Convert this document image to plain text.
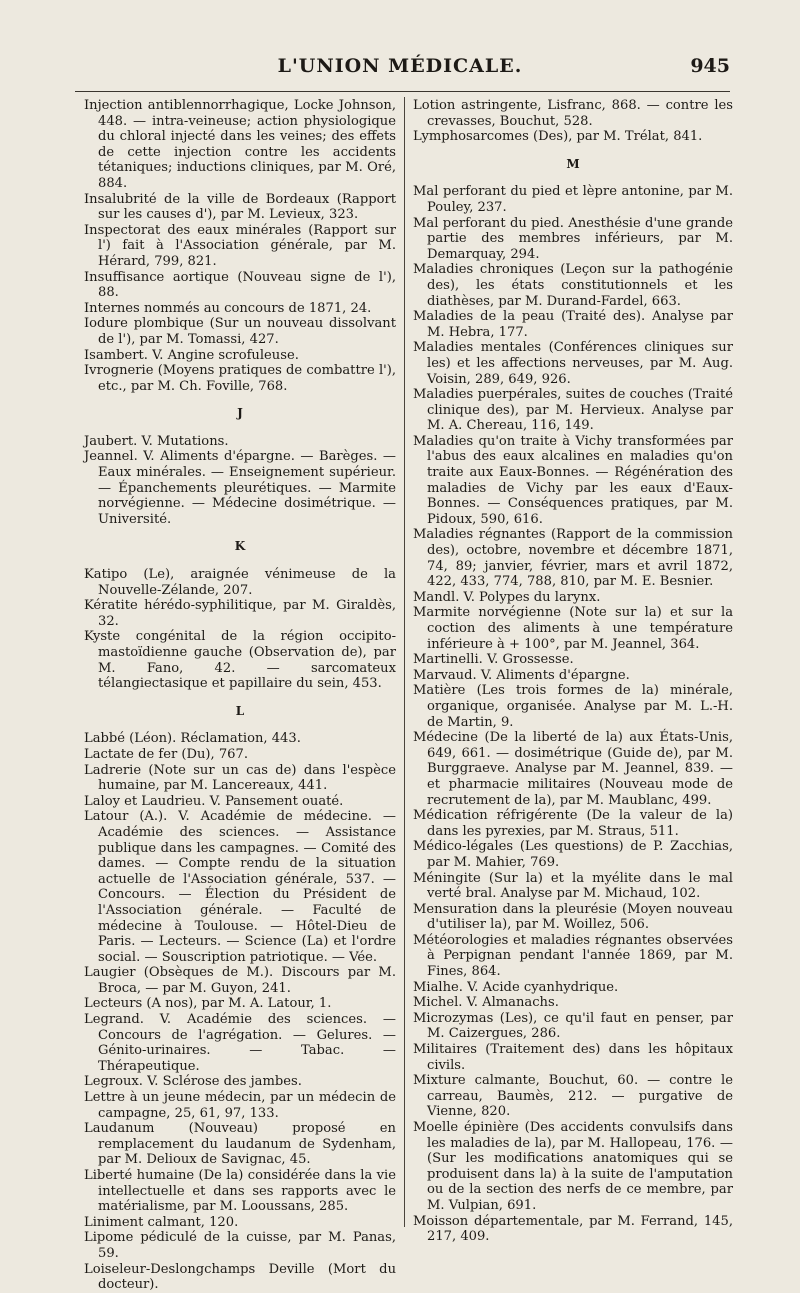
L'UNION MÉDICALE.	945
Injection antiblennorrhagique, Locke Johnson, 448. — intra-veineuse; action physiologique du chloral injecté dans les veines; des effets de cette injection contre les accidents tétaniques; inductions cliniques, par M. Oré, 884.
Insalubrité de la ville de Bordeaux (Rapport sur les causes d'), par M. Levieux, 323.
Inspectorat des eaux minérales (Rapport sur l') fait à l'Association générale, par M. Hérard, 799, 821.
Insuffisance aortique (Nouveau signe de l'), 88.
Internes nommés au concours de 1871, 24.
Iodure plombique (Sur un nouveau dissolvant de l'), par M. Tomassi, 427.
Isambert. V. Angine scrofuleuse.
Ivrognerie (Moyens pratiques de combattre l'), etc., par M. Ch. Foville, 768.
J
Jaubert. V. Mutations.
Jeannel. V. Aliments d'épargne. — Barèges. — Eaux minérales. — Enseignement supérieur. — Épanchements pleurétiques. — Marmite norvégienne. — Médecine dosimétrique. — Université.
K
Katipo (Le), araignée vénimeuse de la Nouvelle-Zélande, 207.
Kératite hérédo-syphilitique, par M. Giraldès, 32.
Kyste congénital de la région occipito-mastoïdienne gauche (Observation de), par M. Fano, 42. — sarcomateux télangiectasique et papillaire du sein, 453.
L
Labbé (Léon). Réclamation, 443.
Lactate de fer (Du), 767.
Ladrerie (Note sur un cas de) dans l'espèce humaine, par M. Lancereaux, 441.
Laloy et Laudrieu. V. Pansement ouaté.
Latour (A.). V. Académie de médecine. — Académie des sciences. — Assistance publique dans les campagnes. — Comité des dames. — Compte rendu de la situation actuelle de l'Association générale, 537. — Concours. — Élection du Président de l'Association générale. — Faculté de médecine à Toulouse. — Hôtel-Dieu de Paris. — Lecteurs. — Science (La) et l'ordre social. — Souscription patriotique. — Vée.
Laugier (Obsèques de M.). Discours par M. Broca, — par M. Guyon, 241.
Lecteurs (A nos), par M. A. Latour, 1.
Legrand. V. Académie des sciences. — Concours de l'agrégation. — Gelures. — Génito-urinaires. — Tabac. — Thérapeutique.
Legroux. V. Sclérose des jambes.
Lettre à un jeune médecin, par un médecin de campagne, 25, 61, 97, 133.
Laudanum (Nouveau) proposé en remplacement du laudanum de Sydenham, par M. Delioux de Savignac, 45.
Liberté humaine (De la) considérée dans la vie intellectuelle et dans ses rapports avec le matérialisme, par M. Looussans, 285.
Liniment calmant, 120.
Lipome pédiculé de la cuisse, par M. Panas, 59.
Loiseleur-Deslongchamps Deville (Mort du docteur).
Lotion astringente, Lisfranc, 868. — contre les crevasses, Bouchut, 528.
Lymphosarcomes (Des), par M. Trélat, 841.
M
Mal perforant du pied et lèpre antonine, par M. Pouley, 237.
Mal perforant du pied. Anesthésie d'une grande partie des membres inférieurs, par M. Demarquay, 294.
Maladies chroniques (Leçon sur la pathogénie des), les états constitutionnels et les diathèses, par M. Durand-Fardel, 663.
Maladies de la peau (Traité des). Analyse par M. Hebra, 177.
Maladies mentales (Conférences cliniques sur les) et les affections nerveuses, par M. Aug. Voisin, 289, 649, 926.
Maladies puerpérales, suites de couches (Traité clinique des), par M. Hervieux. Analyse par M. A. Chereau, 116, 149.
Maladies qu'on traite à Vichy transformées par l'abus des eaux alcalines en maladies qu'on traite aux Eaux-Bonnes. — Régénération des maladies de Vichy par les eaux d'Eaux-Bonnes. — Conséquences pratiques, par M. Pidoux, 590, 616.
Maladies régnantes (Rapport de la commission des), octobre, novembre et décembre 1871, 74, 89; janvier, février, mars et avril 1872, 422, 433, 774, 788, 810, par M. E. Besnier.
Mandl. V. Polypes du larynx.
Marmite norvégienne (Note sur la) et sur la coction des aliments à une température inférieure à + 100°, par M. Jeannel, 364.
Martinelli. V. Grossesse.
Marvaud. V. Aliments d'épargne.
Matière (Les trois formes de la) minérale, organique, organisée. Analyse par M. L.-H. de Martin, 9.
Médecine (De la liberté de la) aux États-Unis, 649, 661. — dosimétrique (Guide de), par M. Burggraeve. Analyse par M. Jeannel, 839. — et pharmacie militaires (Nouveau mode de recrutement de la), par M. Maublanc, 499.
Médication réfrigérente (De la valeur de la) dans les pyrexies, par M. Straus, 511.
Médico-légales (Les questions) de P. Zacchias, par M. Mahier, 769.
Méningite (Sur la) et la myélite dans le mal verté bral. Analyse par M. Michaud, 102.
Mensuration dans la pleurésie (Moyen nouveau d'utiliser la), par M. Woillez, 506.
Météorologies et maladies régnantes observées à Perpignan pendant l'année 1869, par M. Fines, 864.
Mialhe. V. Acide cyanhydrique.
Michel. V. Almanachs.
Microzymas (Les), ce qu'il faut en penser, par M. Caizergues, 286.
Militaires (Traitement des) dans les hôpitaux civils.
Mixture calmante, Bouchut, 60. — contre le carreau, Baumès, 212. — purgative de Vienne, 820.
Moelle épinière (Des accidents convulsifs dans les maladies de la), par M. Hallopeau, 176. — (Sur les modifications anatomiques qui se produisent dans la) à la suite de l'amputation ou de la section des nerfs de ce membre, par M. Vulpian, 691.
Moisson départementale, par M. Ferrand, 145, 217, 409.
